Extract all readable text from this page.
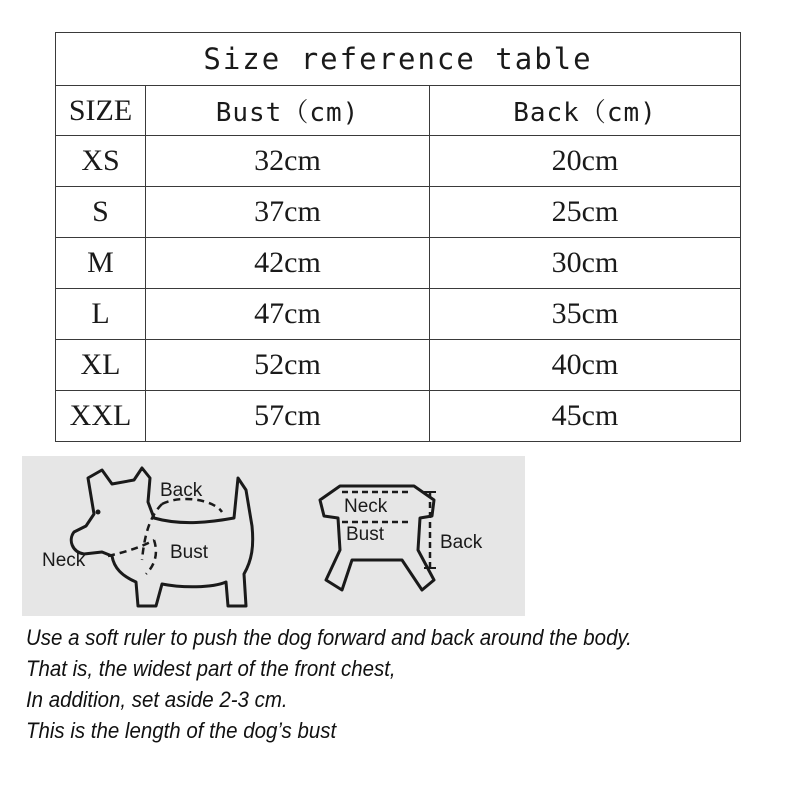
Size reference table		
SIZE	Bust（cm)	Back（cm)
XS	32cm	20cm
S	37cm	25cm
M	42cm	30cm
L	47cm	35cm
XL	52cm	40cm
XXL	57cm	45cm
Back
Neck	Bust
Neck
Bust	Back
Use a soft ruler to push the dog forward and back around the body.
That is, the widest part of the front chest,
In addition, set aside 2-3 cm.
This is the length of the dog’s bust
